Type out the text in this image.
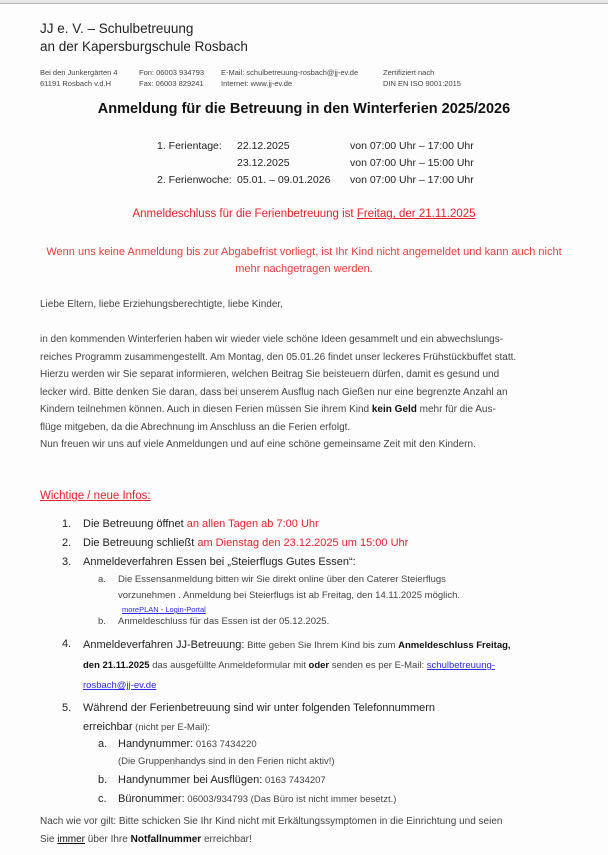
JJ e. V. – Schulbetreuung
an der Kapersburgschule Rosbach
Bei den Junkergärten 4
61191 Rosbach v.d.H
Fon: 06003 934793
Fax: 06003 829241
E-Mail: schulbetreuung-rosbach@jj-ev.de
Internet: www.jj-ev.de
Zertifiziert nach
DIN EN ISO 9001:2015
Anmeldung für die Betreuung in den Winterferien 2025/2026
1. Ferientage: 22.12.2025	von 07:00 Uhr – 17:00 Uhr
23.12.2025	von 07:00 Uhr – 15:00 Uhr
2. Ferienwoche: 05.01. – 09.01.2026 von 07:00 Uhr – 17:00 Uhr
Anmeldeschluss für die Ferienbetreuung ist Freitag, der 21.11.2025
Wenn uns keine Anmeldung bis zur Abgabefrist vorliegt, ist Ihr Kind nicht angemeldet und kann auch nicht mehr nachgetragen werden.
Liebe Eltern, liebe Erziehungsberechtigte, liebe Kinder,
in den kommenden Winterferien haben wir wieder viele schöne Ideen gesammelt und ein abwechslungs-
reiches Programm zusammengestellt. Am Montag, den 05.01.26 findet unser leckeres Frühstückbuffet statt.
Hierzu werden wir Sie separat informieren, welchen Beitrag Sie beisteuern dürfen, damit es gesund und
lecker wird. Bitte denken Sie daran, dass bei unserem Ausflug nach Gießen nur eine begrenzte Anzahl an
Kindern teilnehmen können. Auch in diesen Ferien müssen Sie ihrem Kind kein Geld mehr für die Aus-
flüge mitgeben, da die Abrechnung im Anschluss an die Ferien erfolgt.
Nun freuen wir uns auf viele Anmeldungen und auf eine schöne gemeinsame Zeit mit den Kindern.
Wichtige / neue Infos:
1. Die Betreuung öffnet an allen Tagen ab 7:00 Uhr
2. Die Betreuung schließt am Dienstag den 23.12.2025 um 15:00 Uhr
3. Anmeldeverfahren Essen bei „Steierflugs Gutes Essen“:
a. Die Essensanmeldung bitten wir Sie direkt online über den Caterer Steierflugs
vorzunehmen . Anmeldung bei Steierflugs ist ab Freitag, den 14.11.2025 möglich.
morePLAN - Login-Portal
b. Anmeldeschluss für das Essen ist der 05.12.2025.
4. Anmeldeverfahren JJ-Betreuung: Bitte geben Sie Ihrem Kind bis zum Anmeldeschluss Freitag,
den 21.11.2025 das ausgefüllte Anmeldeformular mit oder senden es per E-Mail: schulbetreuung-
rosbach@jj-ev.de
5. Während der Ferienbetreuung sind wir unter folgenden Telefonnummern
erreichbar (nicht per E-Mail):
a. Handynummer: 0163 7434220
(Die Gruppenhandys sind in den Ferien nicht aktiv!)
b. Handynummer bei Ausflügen: 0163 7434207
c. Büronummer: 06003/934793 (Das Büro ist nicht immer besetzt.)
Nach wie vor gilt: Bitte schicken Sie Ihr Kind nicht mit Erkältungssymptomen in die Einrichtung und seien
Sie immer über Ihre Notfallnummer erreichbar!
